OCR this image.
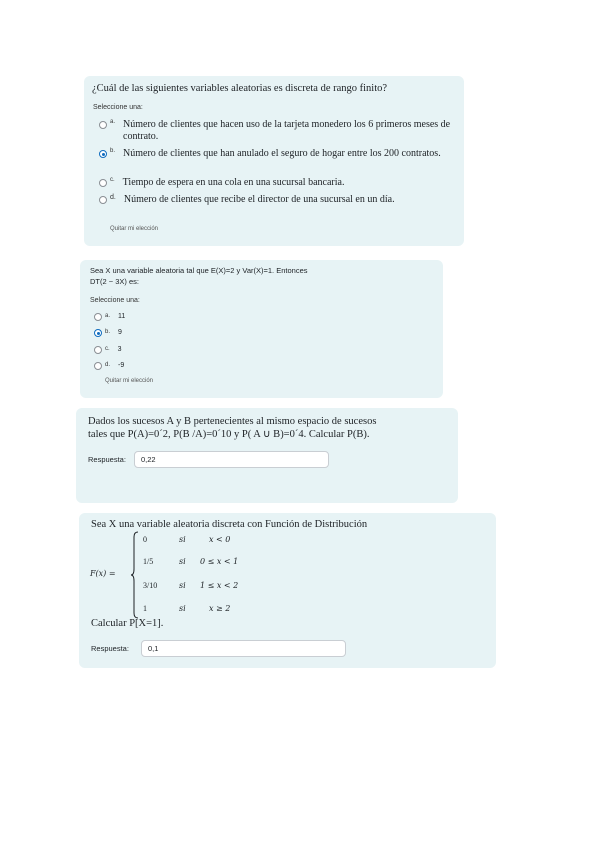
¿Cuál de las siguientes variables aleatorias es discreta de rango finito?
Seleccione una:
a. Número de clientes que hacen uso de la tarjeta monedero los 6 primeros meses de contrato.
b. Número de clientes que han anulado el seguro de hogar entre los 200 contratos.
c. Tiempo de espera en una cola en una sucursal bancaria.
d. Número de clientes que recibe el director de una sucursal en un día.
Quitar mi elección
Sea X una variable aleatoria tal que E(X)=2 y Var(X)=1. Entonces
DT(2 − 3X) es:
Seleccione una:
a. 11
b. 9
c. 3
d. -9
Quitar mi elección
Dados los sucesos A y B pertenecientes al mismo espacio de sucesos
tales que P(A)=0´2, P(B /A)=0´10 y P( A ∪ B)=0´4. Calcular P(B).
Respuesta:	0,22
Sea X una variable aleatoria discreta con Función de Distribución
F(x) =
0	si	x < 0
1/5	si 0 ≤ x < 1
3/10	si 1 ≤ x < 2
1	si	x ≥ 2
Calcular P[X=1].
Respuesta:	0,1
